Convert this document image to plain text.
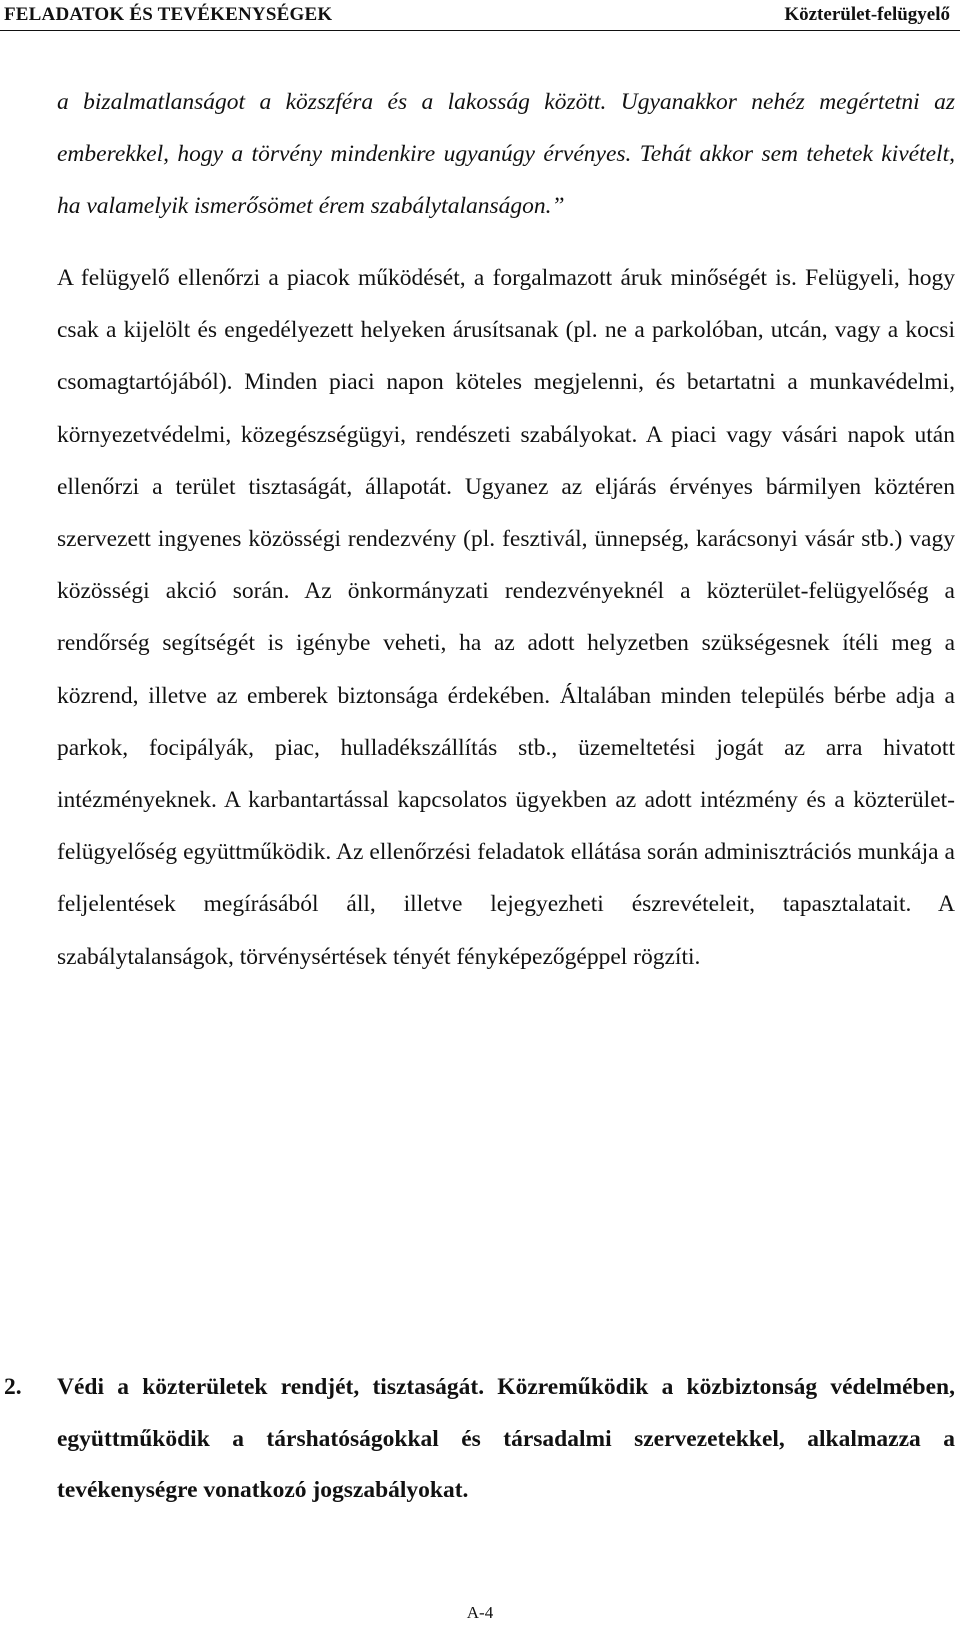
FELADATOK ÉS TEVÉKENYSÉGEK	Közterület-felügyelő

a bizalmatlanságot a közszféra és a lakosság között. Ugyanakkor nehéz megértetni az emberekkel, hogy a törvény mindenkire ugyanúgy érvényes. Tehát akkor sem tehetek kivételt, ha valamelyik ismerősömet érem szabálytalanságon.”

A felügyelő ellenőrzi a piacok működését, a forgalmazott áruk minőségét is. Felügyeli, hogy csak a kijelölt és engedélyezett helyeken árusítsanak (pl. ne a parkolóban, utcán, vagy a kocsi csomagtartójából). Minden piaci napon köteles megjelenni, és betartatni a munkavédelmi, környezetvédelmi, közegészségügyi, rendészeti szabályokat. A piaci vagy vásári napok után ellenőrzi a terület tisztaságát, állapotát. Ugyanez az eljárás érvényes bármilyen köztéren szervezett ingyenes közösségi rendezvény (pl. fesztivál, ünnepség, karácsonyi vásár stb.) vagy közösségi akció során. Az önkormányzati rendezvényeknél a közterület-felügyelőség a rendőrség segítségét is igénybe veheti, ha az adott helyzetben szükségesnek ítéli meg a közrend, illetve az emberek biztonsága érdekében. Általában minden település bérbe adja a parkok, focipályák, piac, hulladékszállítás stb., üzemeltetési jogát az arra hivatott intézményeknek. A karbantartással kapcsolatos ügyekben az adott intézmény és a közterület-felügyelőség együttműködik. Az ellenőrzési feladatok ellátása során adminisztrációs munkája a feljelentések megírásából áll, illetve lejegyezheti észrevételeit, tapasztalatait. A szabálytalanságok, törvénysértések tényét fényképezőgéppel rögzíti.

2.	Védi a közterületek rendjét, tisztaságát. Közreműködik a közbiztonság védelmében, együttműködik a társhatóságokkal és társadalmi szervezetekkel, alkalmazza a tevékenységre vonatkozó jogszabályokat.
A-4
